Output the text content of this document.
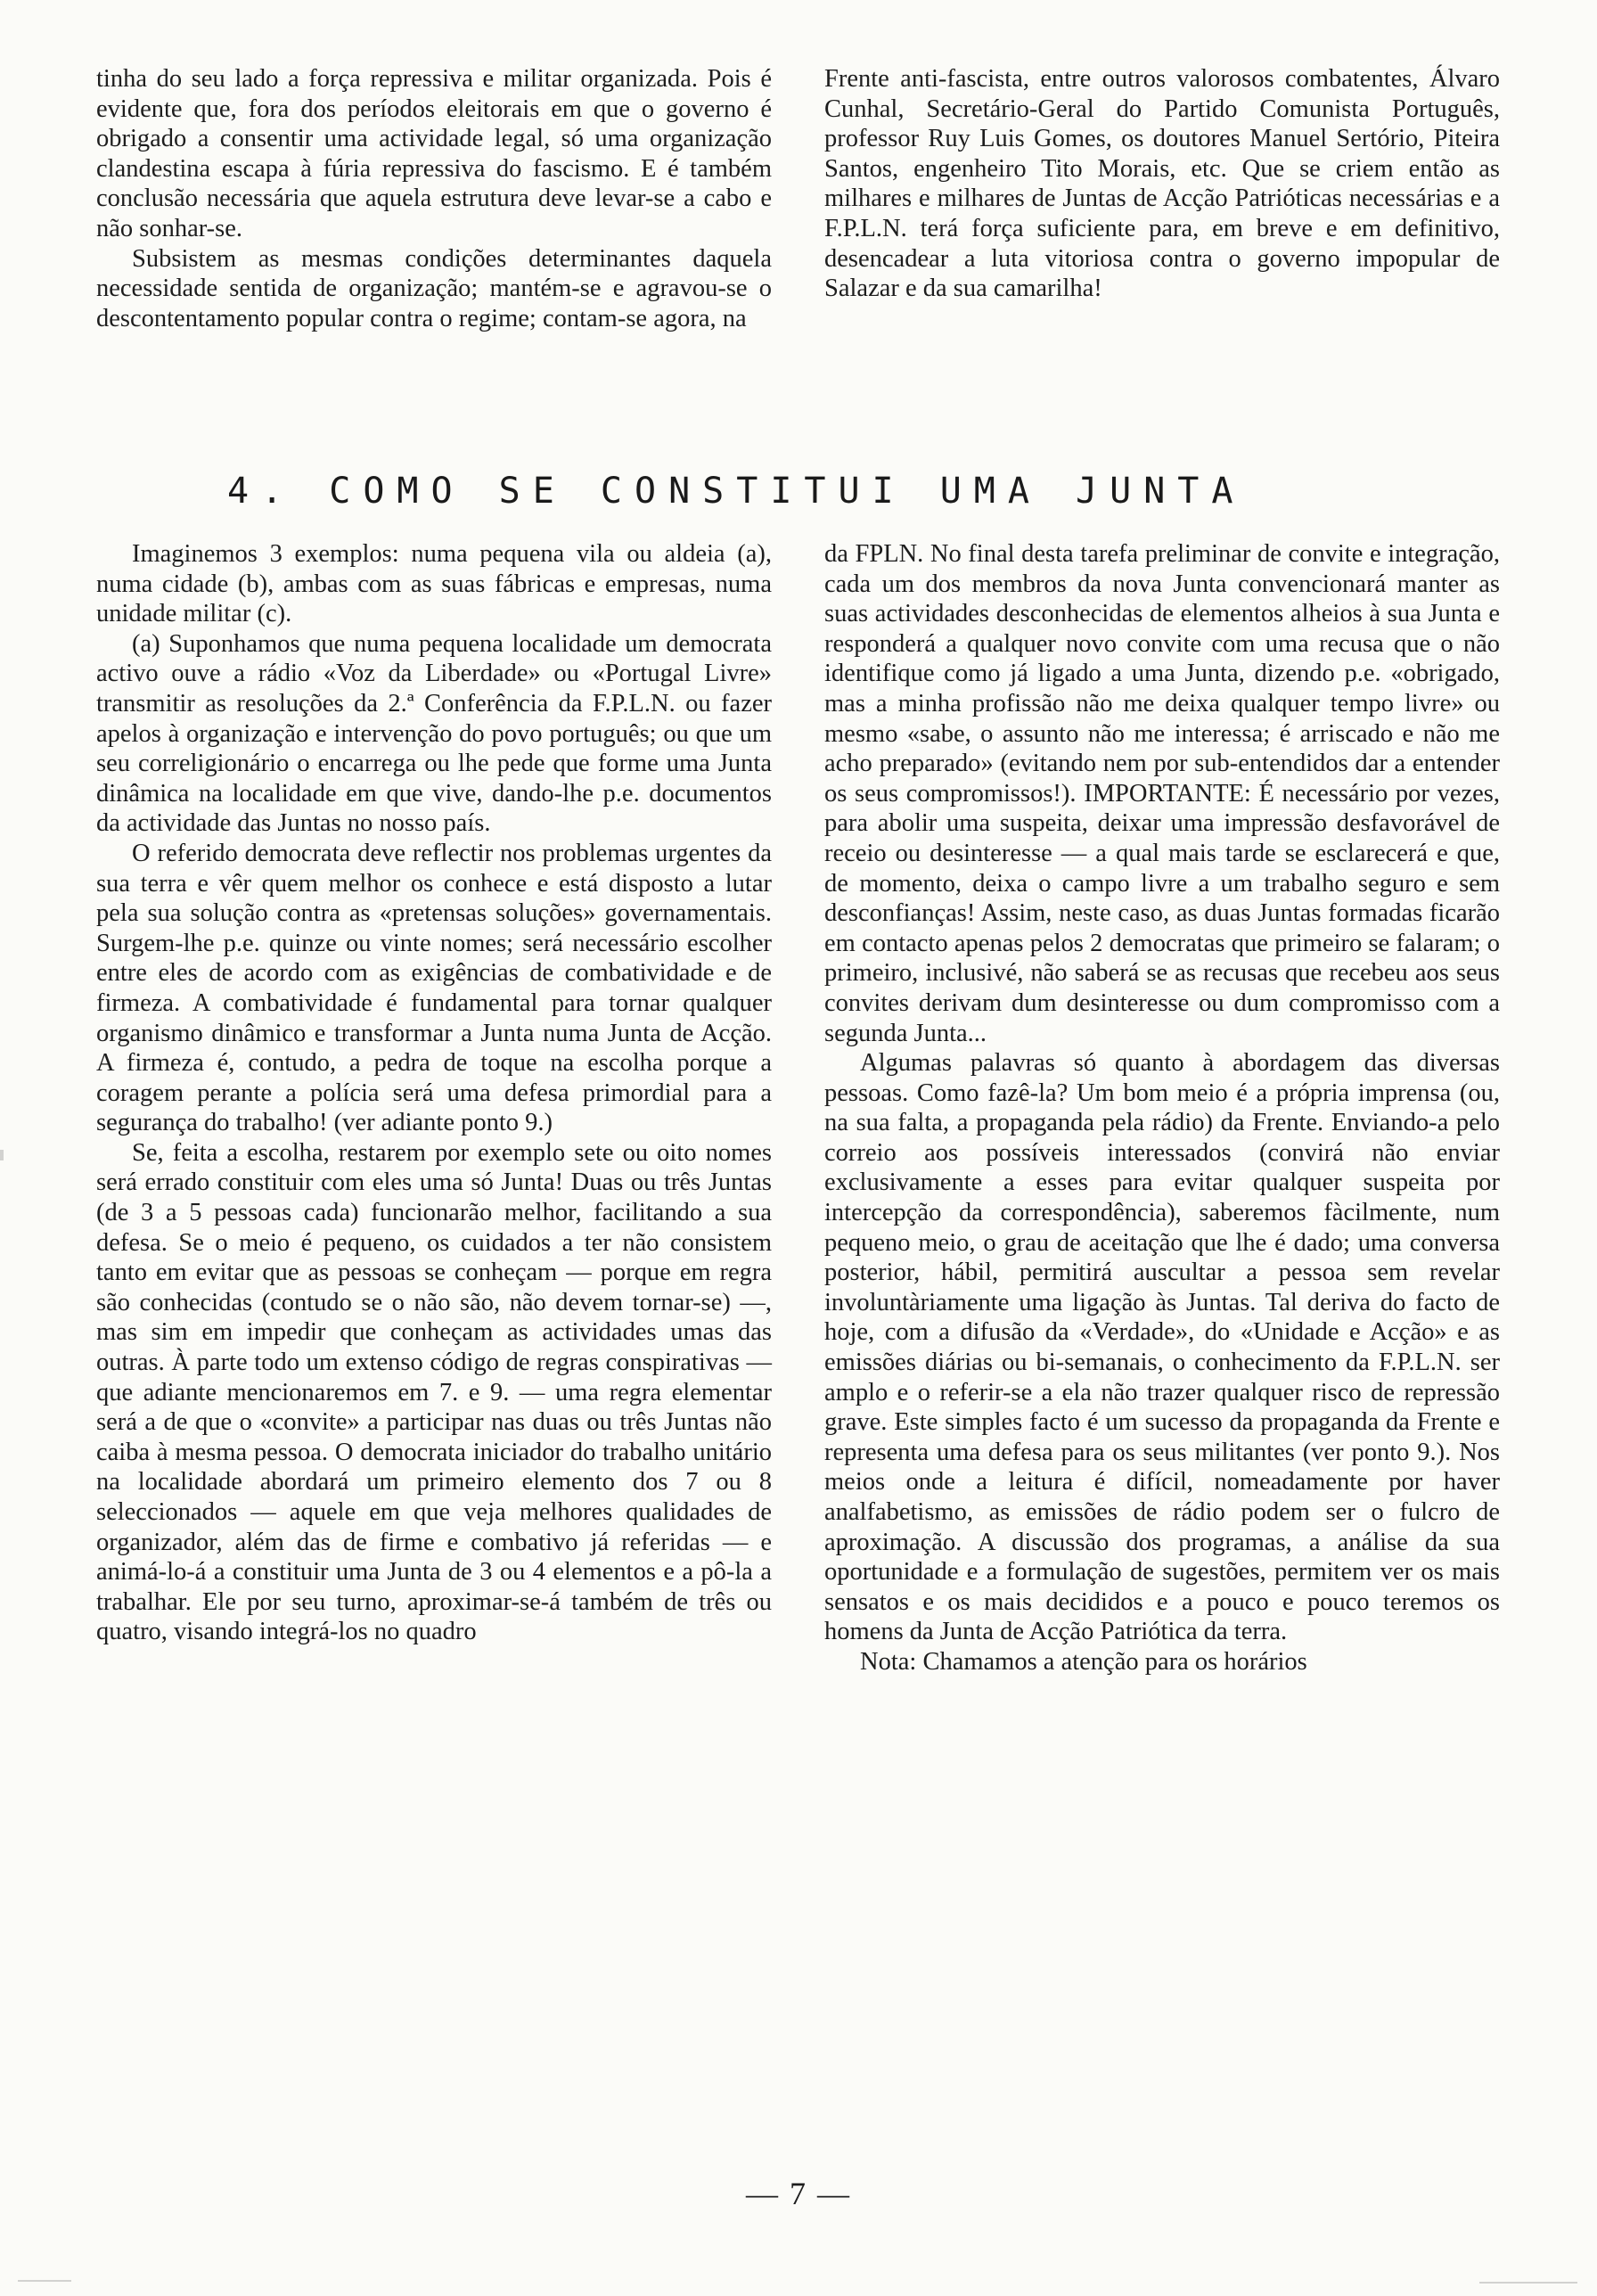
tinha do seu lado a força repressiva e militar organizada. Pois é evidente que, fora dos períodos eleitorais em que o governo é obrigado a consentir uma actividade legal, só uma organização clandestina escapa à fúria repressiva do fascismo. E é também conclusão necessária que aquela estrutura deve levar-se a cabo e não sonhar-se.

Subsistem as mesmas condições determinantes daquela necessidade sentida de organização; mantém-se e agravou-se o descontentamento popular contra o regime; contam-se agora, na

Frente anti-fascista, entre outros valorosos combatentes, Álvaro Cunhal, Secretário-Geral do Partido Comunista Português, professor Ruy Luis Gomes, os doutores Manuel Sertório, Piteira Santos, engenheiro Tito Morais, etc. Que se criem então as milhares e milhares de Juntas de Acção Patrióticas necessárias e a F.P.L.N. terá força suficiente para, em breve e em definitivo, desencadear a luta vitoriosa contra o governo impopular de Salazar e da sua camarilha!

4. COMO SE CONSTITUI UMA JUNTA

Imaginemos 3 exemplos: numa pequena vila ou aldeia (a), numa cidade (b), ambas com as suas fábricas e empresas, numa unidade militar (c).

(a) Suponhamos que numa pequena localidade um democrata activo ouve a rádio «Voz da Liberdade» ou «Portugal Livre» transmitir as resoluções da 2.ª Conferência da F.P.L.N. ou fazer apelos à organização e intervenção do povo português; ou que um seu correligionário o encarrega ou lhe pede que forme uma Junta dinâmica na localidade em que vive, dando-lhe p.e. documentos da actividade das Juntas no nosso país.

O referido democrata deve reflectir nos problemas urgentes da sua terra e vêr quem melhor os conhece e está disposto a lutar pela sua solução contra as «pretensas soluções» governamentais. Surgem-lhe p.e. quinze ou vinte nomes; será necessário escolher entre eles de acordo com as exigências de combatividade e de firmeza. A combatividade é fundamental para tornar qualquer organismo dinâmico e transformar a Junta numa Junta de Acção. A firmeza é, contudo, a pedra de toque na escolha porque a coragem perante a polícia será uma defesa primordial para a segurança do trabalho! (ver adiante ponto 9.)

Se, feita a escolha, restarem por exemplo sete ou oito nomes será errado constituir com eles uma só Junta! Duas ou três Juntas (de 3 a 5 pessoas cada) funcionarão melhor, facilitando a sua defesa. Se o meio é pequeno, os cuidados a ter não consistem tanto em evitar que as pessoas se conheçam — porque em regra são conhecidas (contudo se o não são, não devem tornar-se) —, mas sim em impedir que conheçam as actividades umas das outras. À parte todo um extenso código de regras conspirativas — que adiante mencionaremos em 7. e 9. — uma regra elementar será a de que o «convite» a participar nas duas ou três Juntas não caiba à mesma pessoa. O democrata iniciador do trabalho unitário na localidade abordará um primeiro elemento dos 7 ou 8 seleccionados — aquele em que veja melhores qualidades de organizador, além das de firme e combativo já referidas — e animá-lo-á a constituir uma Junta de 3 ou 4 elementos e a pô-la a trabalhar. Ele por seu turno, aproximar-se-á também de três ou quatro, visando integrá-los no quadro

da FPLN. No final desta tarefa preliminar de convite e integração, cada um dos membros da nova Junta convencionará manter as suas actividades desconhecidas de elementos alheios à sua Junta e responderá a qualquer novo convite com uma recusa que o não identifique como já ligado a uma Junta, dizendo p.e. «obrigado, mas a minha profissão não me deixa qualquer tempo livre» ou mesmo «sabe, o assunto não me interessa; é arriscado e não me acho preparado» (evitando nem por sub-entendidos dar a entender os seus compromissos!). IMPORTANTE: É necessário por vezes, para abolir uma suspeita, deixar uma impressão desfavorável de receio ou desinteresse — a qual mais tarde se esclarecerá e que, de momento, deixa o campo livre a um trabalho seguro e sem desconfianças! Assim, neste caso, as duas Juntas formadas ficarão em contacto apenas pelos 2 democratas que primeiro se falaram; o primeiro, inclusivé, não saberá se as recusas que recebeu aos seus convites derivam dum desinteresse ou dum compromisso com a segunda Junta...

Algumas palavras só quanto à abordagem das diversas pessoas. Como fazê-la? Um bom meio é a própria imprensa (ou, na sua falta, a propaganda pela rádio) da Frente. Enviando-a pelo correio aos possíveis interessados (convirá não enviar exclusivamente a esses para evitar qualquer suspeita por intercepção da correspondência), saberemos fàcilmente, num pequeno meio, o grau de aceitação que lhe é dado; uma conversa posterior, hábil, permitirá auscultar a pessoa sem revelar involuntàriamente uma ligação às Juntas. Tal deriva do facto de hoje, com a difusão da «Verdade», do «Unidade e Acção» e as emissões diárias ou bi-semanais, o conhecimento da F.P.L.N. ser amplo e o referir-se a ela não trazer qualquer risco de repressão grave. Este simples facto é um sucesso da propaganda da Frente e representa uma defesa para os seus militantes (ver ponto 9.). Nos meios onde a leitura é difícil, nomeadamente por haver analfabetismo, as emissões de rádio podem ser o fulcro de aproximação. A discussão dos programas, a análise da sua oportunidade e a formulação de sugestões, permitem ver os mais sensatos e os mais decididos e a pouco e pouco teremos os homens da Junta de Acção Patriótica da terra.

Nota: Chamamos a atenção para os horários

— 7 —
